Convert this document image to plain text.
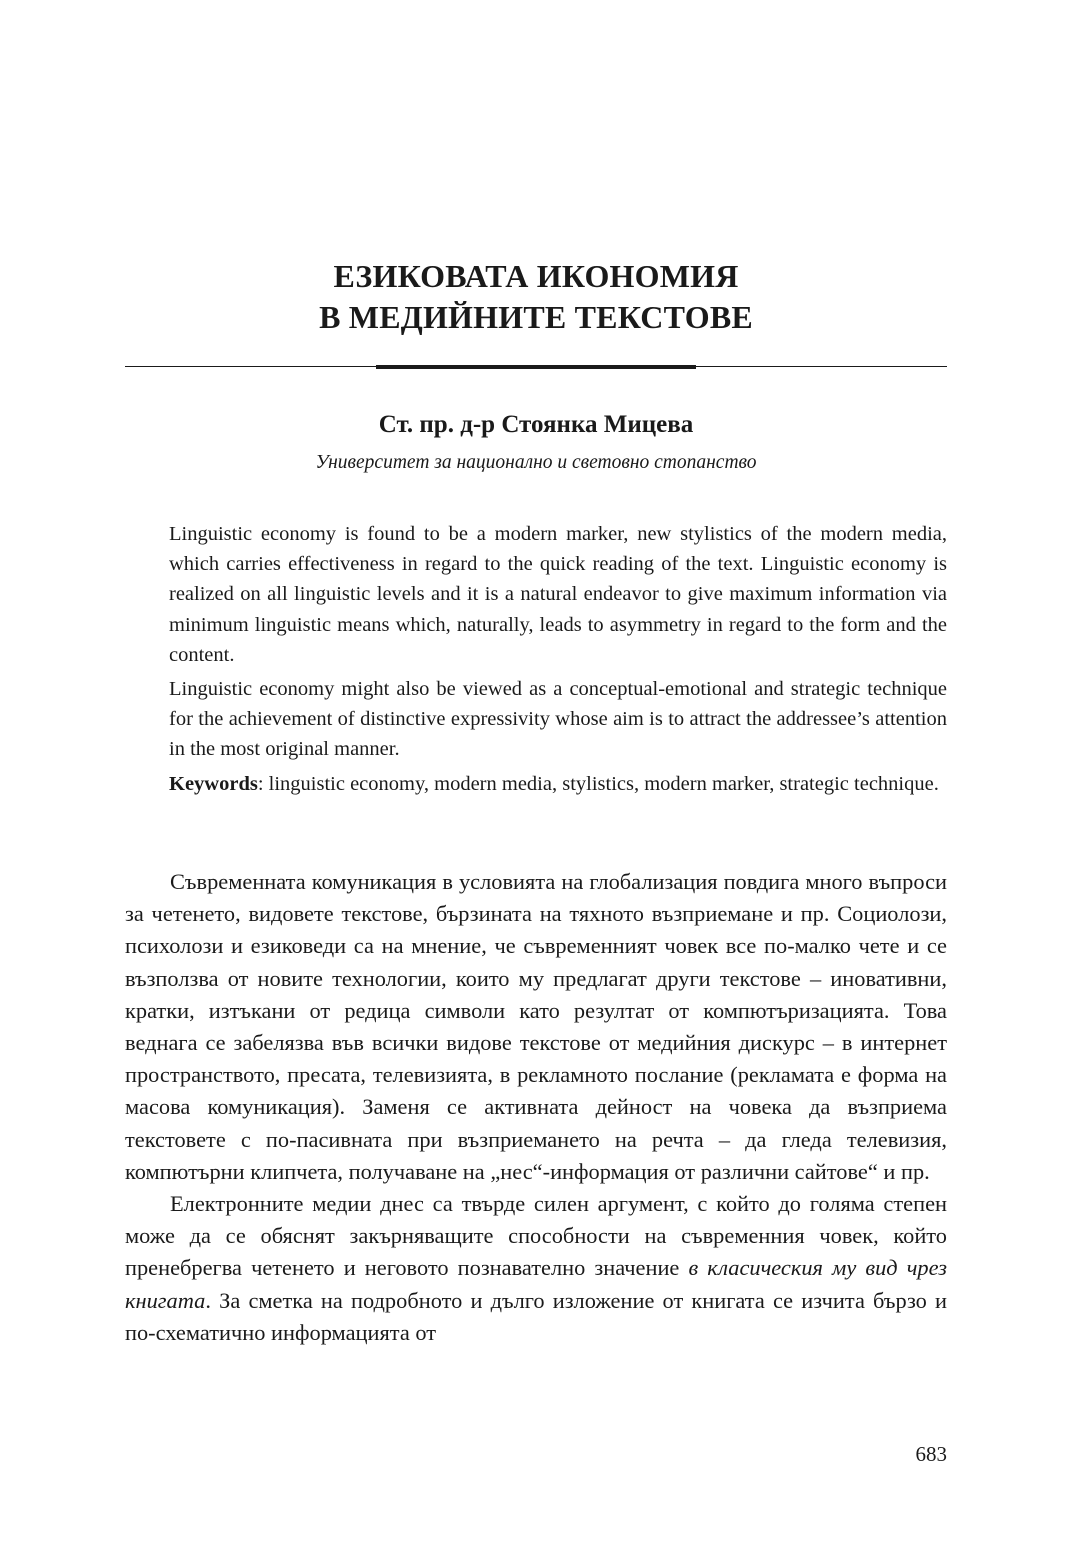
ЕЗИКОВАТА ИКОНОМИЯ
В МЕДИЙНИТЕ ТЕКСТОВЕ
Ст. пр. д-р Стоянка Мицева
Университет за национално и световно стопанство

Linguistic economy is found to be a modern marker, new stylistics of the modern media, which carries effectiveness in regard to the quick reading of the text. Linguistic economy is realized on all linguistic levels and it is a natural endeavor to give maximum information via minimum linguistic means which, naturally, leads to asymmetry in regard to the form and the content.

Linguistic economy might also be viewed as a conceptual-emotional and strategic technique for the achievement of distinctive expressivity whose aim is to attract the addressee’s attention in the most original manner.

Keywords: linguistic economy, modern media, stylistics, modern marker, strategic technique.

Съвременната комуникация в условията на глобализация повдига много въпроси за четенето, видовете текстове, бързината на тяхното възприемане и пр. Социолози, психолози и езиковеди са на мнение, че съвременният човек все по-малко чете и се възползва от новите технологии, които му предлагат други текстове – иновативни, кратки, изтъкани от редица символи като резултат от компютъризацията. Това веднага се забелязва във всички видове текстове от медийния дискурс – в интернет пространството, пресата, телевизията, в рекламното послание (рекламата е форма на масова комуникация). Заменя се активната дейност на човека да възприема текстовете с по-пасивната при възприемането на речта – да гледа телевизия, компютърни клипчета, получаване на „нес“-информация от различни сайтове“ и пр.

Електронните медии днес са твърде силен аргумент, с който до голяма степен може да се обяснят закърняващите способности на съвременния човек, който пренебрегва четенето и неговото познавателно значение в класическия му вид чрез книгата. За сметка на подробното и дълго изложение от книгата се изчита бързо и по-схематично информацията от

683
